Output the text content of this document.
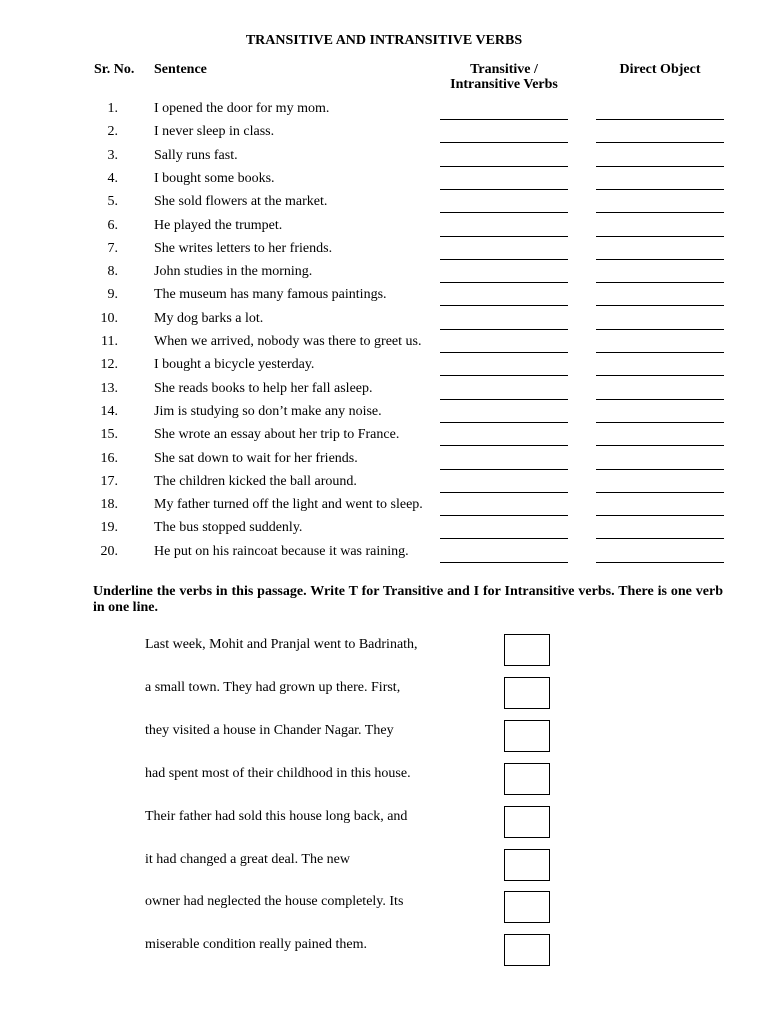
TRANSITIVE AND INTRANSITIVE VERBS
Sr. No. Sentence	Transitive /
Intransitive Verbs
Direct Object
1.	I opened the door for my mom.
2.	I never sleep in class.
3.	Sally runs fast.
4.	I bought some books.
5.	She sold flowers at the market.
6.	He played the trumpet.
7.	She writes letters to her friends.
8.	John studies in the morning.
9.	The museum has many famous paintings.
10.	My dog barks a lot.
11.	When we arrived, nobody was there to greet us.
12.	I bought a bicycle yesterday.
13.	She reads books to help her fall asleep.
14.	Jim is studying so don’t make any noise.
15.	She wrote an essay about her trip to France.
16.	She sat down to wait for her friends.
17.	The children kicked the ball around.
18.	My father turned off the light and went to sleep.
19.	The bus stopped suddenly.
20.	He put on his raincoat because it was raining.
Underline the verbs in this passage. Write T for Transitive and I for Intransitive verbs. There is one verb in one line.
Last week, Mohit and Pranjal went to Badrinath,
a small town. They had grown up there. First,
they visited a house in Chander Nagar. They
had spent most of their childhood in this house.
Their father had sold this house long back, and
it had changed a great deal. The new
owner had neglected the house completely. Its
miserable condition really pained them.
